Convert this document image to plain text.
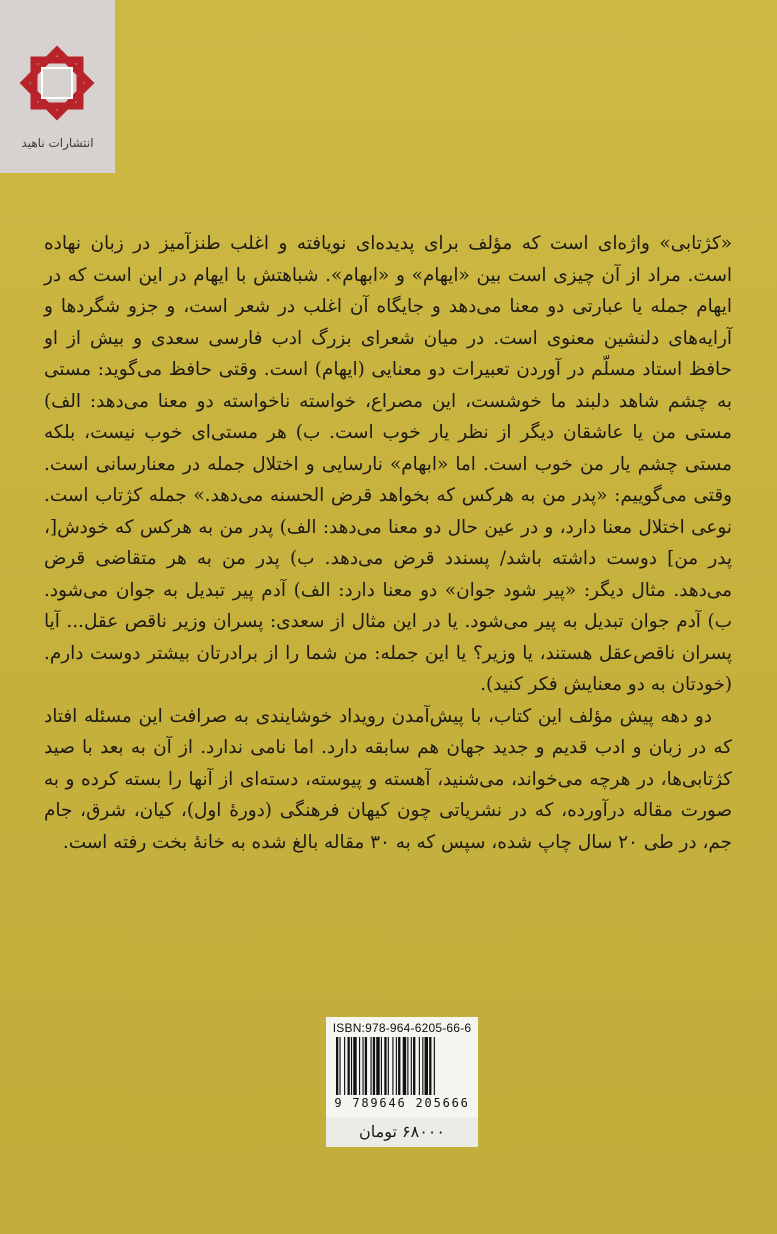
انتشارات ناهید

«کژتابی» واژه‌ای است که مؤلف برای پدیده‌ای نویافته و اغلب طنزآمیز در زبان نهاده است. مراد از آن چیزی است بین «ایهام» و «ابهام». شباهتش با ایهام در این است که در ایهام جمله یا عبارتی دو معنا می‌دهد و جایگاه آن اغلب در شعر است، و جزو شگردها و آرایه‌های دلنشین معنوی است. در میان شعرای بزرگ ادب فارسی سعدی و بیش از او حافظ استاد مسلّم در آوردن تعبیرات دو معنایی (ایهام) است. وقتی حافظ می‌گوید: مستی به چشم شاهد دلبند ما خوشست، این مصراع، خواسته ناخواسته دو معنا می‌دهد: الف) مستی من یا عاشقان دیگر از نظر یار خوب است. ب) هر مستی‌ای خوب نیست، بلکه مستی چشم یار من خوب است. اما «ابهام» نارسایی و اختلال جمله در معنارسانی است. وقتی می‌گوییم: «پدر من به هرکس که بخواهد قرض الحسنه می‌دهد.» جمله کژتاب است. نوعی اختلال معنا دارد، و در عین حال دو معنا می‌دهد: الف) پدر من به هرکس که خودش[، پدر من] دوست داشته باشد/ پسندد قرض می‌دهد. ب) پدر من به هر متقاضی قرض می‌دهد. مثال دیگر: «پیر شود جوان» دو معنا دارد: الف) آدم پیر تبدیل به جوان می‌شود. ب) آدم جوان تبدیل به پیر می‌شود. یا در این مثال از سعدی: پسران وزیر ناقص عقل... آیا پسران ناقص‌عقل هستند، یا وزیر؟ یا این جمله: من شما را از برادرتان بیشتر دوست دارم. (خودتان به دو معنایش فکر کنید).

دو دهه پیش مؤلف این کتاب، با پیش‌آمدن رویداد خوشایندی به صرافت این مسئله افتاد که در زبان و ادب قدیم و جدید جهان هم سابقه دارد. اما نامی ندارد. از آن به بعد با صید کژتابی‌ها، در هرچه می‌خواند، می‌شنید، آهسته و پیوسته، دسته‌ای از آنها را بسته کرده و به صورت مقاله درآورده، که در نشریاتی چون کیهان فرهنگی (دورهٔ اول)، کیان، شرق، جام جم، در طی ۲۰ سال چاپ شده، سپس که به ۳۰ مقاله بالغ شده به خانهٔ بخت رفته است.

ISBN:978-964-6205-66-6
9 789646 205666
۶۸۰۰۰ تومان
